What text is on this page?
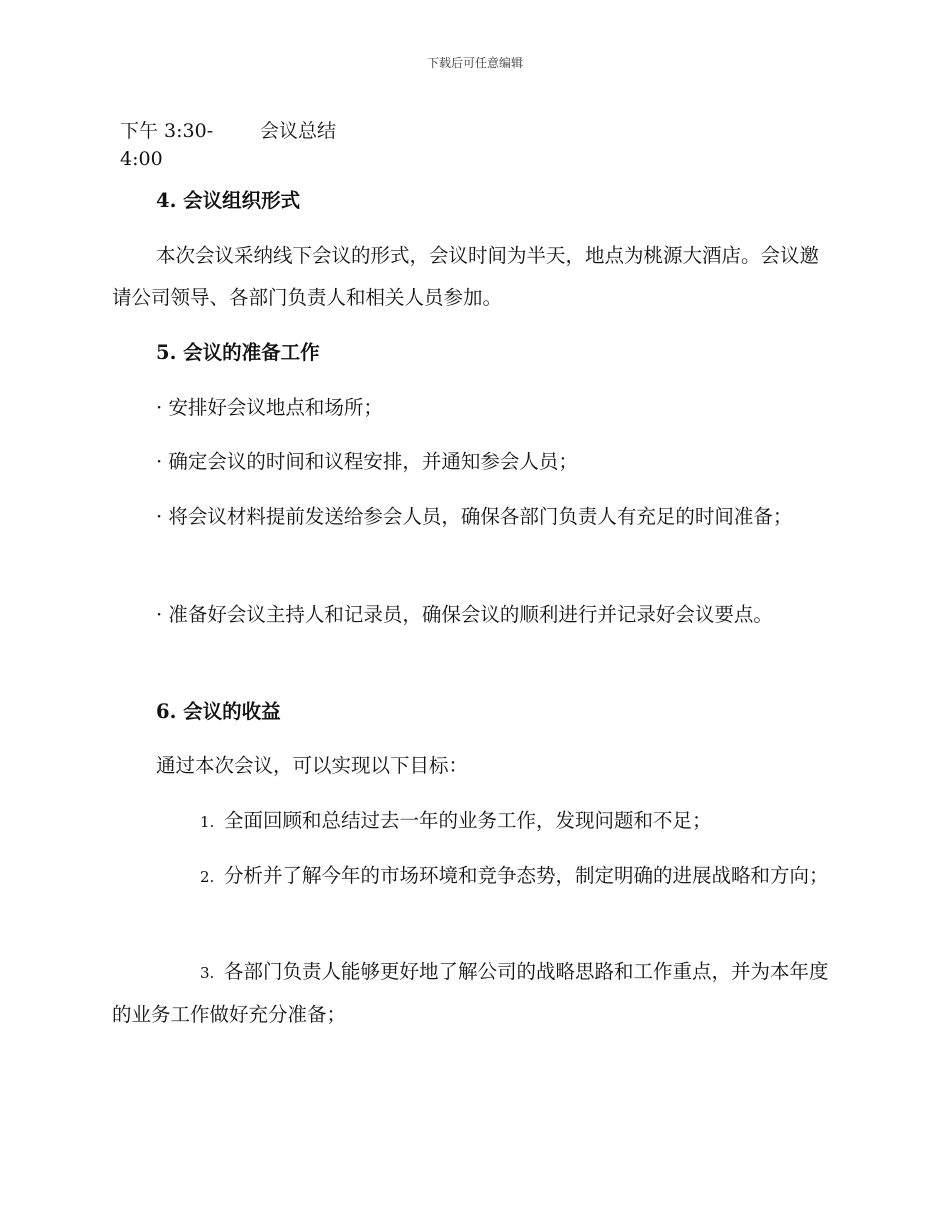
下载后可任意编辑
下午 3:30-
4:00
会议总结
4. 会议组织形式
本次会议采纳线下会议的形式，会议时间为半天，地点为桃源大酒店。会议邀请公司领导、各部门负责人和相关人员参加。
5. 会议的准备工作
· 安排好会议地点和场所；
· 确定会议的时间和议程安排，并通知参会人员；
· 将会议材料提前发送给参会人员，确保各部门负责人有充足的时间准备；
· 准备好会议主持人和记录员，确保会议的顺利进行并记录好会议要点。
6. 会议的收益
通过本次会议，可以实现以下目标：
1. 全面回顾和总结过去一年的业务工作，发现问题和不足；
2. 分析并了解今年的市场环境和竞争态势，制定明确的进展战略和方向；
3. 各部门负责人能够更好地了解公司的战略思路和工作重点，并为本年度的业务工作做好充分准备；
